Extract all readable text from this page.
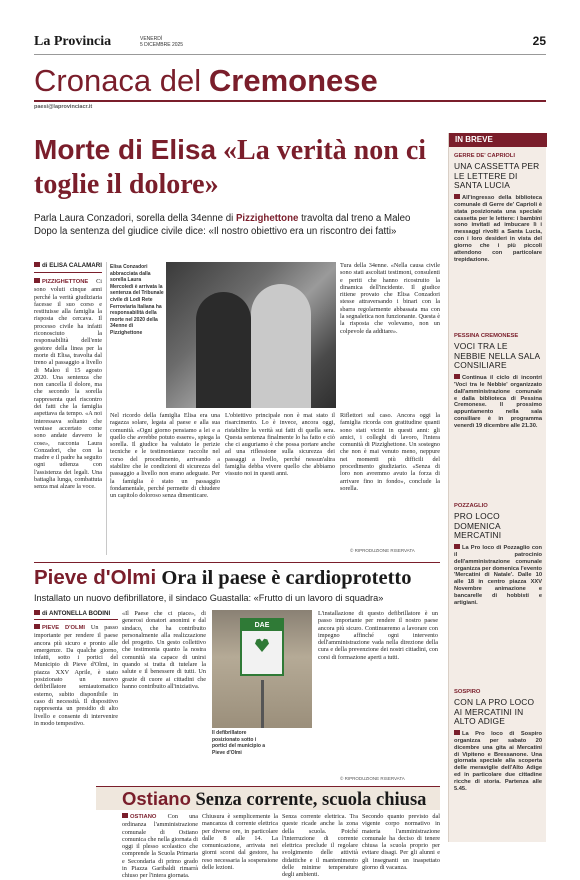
La Provincia	VENERDÌ
5 DICEMBRE 2025	25
Cronaca del Cremonese
paesi@laprovinciacr.it
Morte di Elisa «La verità non ci toglie il dolore»
Parla Laura Conzadori, sorella della 34enne di Pizzighettone travolta dal treno a Maleo
Dopo la sentenza del giudice civile dice: «Il nostro obiettivo era un riscontro dei fatti»
di ELISA CALAMARI
PIZZIGHETTONE Ci sono voluti cinque anni perché la verità giudiziaria facesse il suo corso e restituisse alla famiglia la risposta che cercava. Il processo civile ha infatti riconosciuto la responsabilità dell'ente gestore della linea per la morte di Elisa, travolta dal treno al passaggio a livello di Maleo il 15 agosto 2020. Una sentenza che non cancella il dolore, ma che secondo la sorella rappresenta quel riscontro dei fatti che la famiglia aspettava da tempo. «A noi interessava soltanto che venisse accertato come sono andate davvero le cose», racconta Laura Conzadori, che con la madre e il padre ha seguito ogni udienza con l'assistenza dei legali. Una battaglia lunga, combattuta senza mai alzare la voce.
Elisa Conzadori abbracciata dalla sorella Laura Mercoledì è arrivata la sentenza del Tribunale civile di Lodi Rete Ferroviaria Italiana ha responsabilità della morte nel 2020 della 34enne di Pizzighettone
Nel ricordo della famiglia Elisa era una ragazza solare, legata al paese e alla sua comunità. «Ogni giorno pensiamo a lei e a quello che avrebbe potuto essere», spiega la sorella. Il giudice ha valutato le perizie tecniche e le testimonianze raccolte nel corso del procedimento, arrivando a stabilire che le condizioni di sicurezza del passaggio a livello non erano adeguate. Per la famiglia è stato un passaggio fondamentale, perché permette di chiudere un capitolo doloroso senza dimenticare.
L'obiettivo principale non è mai stato il risarcimento. Lo è invece, ancora oggi, ristabilire la verità sui fatti di quella sera. Questa sentenza finalmente lo ha fatto e ciò che ci auguriamo è che possa portare anche ad una riflessione sulla sicurezza dei passaggi a livello, perché nessun'altra famiglia debba vivere quello che abbiamo vissuto noi in questi anni.
Riflettori sul caso. Ancora oggi la famiglia ricorda con gratitudine quanti sono stati vicini in questi anni: gli amici, i colleghi di lavoro, l'intera comunità di Pizzighettone. Un sostegno che non è mai venuto meno, neppure nei momenti più difficili del procedimento giudiziario. «Senza di loro non avremmo avuto la forza di arrivare fino in fondo», conclude la sorella.
Tura della 34enne. «Nella causa civile sono stati ascoltati testimoni, consulenti e periti che hanno ricostruito la dinamica dell'incidente. Il giudice ritiene provato che Elisa Conzadori stesse attraversando i binari con la sbarra regolarmente abbassata ma con la segnaletica non funzionante. Questa è la risposta che volevamo, non un colpevole da additare».
© RIPRODUZIONE RISERVATA
Pieve d'Olmi Ora il paese è cardioprotetto
Installato un nuovo defibrillatore, il sindaco Guastalla: «Frutto di un lavoro di squadra»
di ANTONELLA BODINI
PIEVE D'OLMI Un passo importante per rendere il paese ancora più sicuro e pronto alle emergenze. Da qualche giorno, infatti, sotto i portici del Municipio di Pieve d'Olmi, in piazza XXV Aprile, è stato posizionato un nuovo defibrillatore semiautomatico esterno, subito disponibile in caso di necessità. Il dispositivo rappresenta un presidio di alto livello e consente di intervenire in modo tempestivo.
«Il Paese che ci piace», di generosi donatori anonimi e dal sindaco, che ha contribuito personalmente alla realizzazione del progetto. Un gesto collettivo che testimonia quanto la nostra comunità sia capace di unirsi quando si tratta di tutelare la salute e il benessere di tutti. Un grazie di cuore ai cittadini che hanno contribuito all'iniziativa.
DAE
Il defibrillatore posizionato sotto i portici del municipio a Pieve d'Olmi
L'installazione di questo defibrillatore è un passo importante per rendere il nostro paese ancora più sicuro. Continueremo a lavorare con impegno affinché ogni intervento dell'amministrazione vada nella direzione della cura e della prevenzione dei nostri cittadini, con corsi di formazione aperti a tutti.
© RIPRODUZIONE RISERVATA
Ostiano Senza corrente, scuola chiusa
OSTIANO Con una ordinanza l'amministrazione comunale di Ostiano comunica che nella giornata di oggi il plesso scolastico che comprende la Scuola Primaria e Secondaria di primo grado in Piazza Garibaldi rimarrà chiuso per l'intera giornata.
Chiusura è semplicemente la mancanza di corrente elettrica per diverse ore, in particolare dalle 8 alle 14. La comunicazione, arrivata nei giorni scorsi dal gestore, ha reso necessaria la sospensione delle lezioni.
Senza corrente elettrica. Tra queste ricade anche la zona della scuola. Poiché l'interruzione di corrente elettrica preclude il regolare svolgimento delle attività didattiche e il mantenimento delle minime temperature degli ambienti.
Secondo quanto previsto dal vigente corpo normativo in materia l'amministrazione comunale ha deciso di tenere chiusa la scuola proprio per evitare disagi. Per gli alunni e gli insegnanti un inaspettato giorno di vacanza.
IN BREVE
GERRE DE' CAPRIOLI
UNA CASSETTA PER LE LETTERE DI SANTA LUCIA
All'ingresso della biblioteca comunale di Gerre de' Caprioli è stata posizionata una speciale cassetta per le lettere: i bambini sono invitati ad imbucare lì i messaggi rivolti a Santa Lucia, con i loro desideri in vista del giorno che i più piccoli attendono con particolare trepidazione.
PESSINA CREMONESE
VOCI TRA LE NEBBIE NELLA SALA CONSILIARE
Continua il ciclo di incontri 'Voci tra le Nebbie' organizzato dall'amministrazione comunale e dalla biblioteca di Pessina Cremonese. Il prossimo appuntamento nella sala consiliare è in programma venerdì 19 dicembre alle 21.30.
POZZAGLIO
PRO LOCO DOMENICA MERCATINI
La Pro loco di Pozzaglio con il patrocinio dell'amministrazione comunale organizza per domenica l'evento 'Mercatini di Natale'. Dalle 10 alle 18 in centro piazza XXV Novembre animazione e bancarelle di hobbisti e artigiani.
SOSPIRO
CON LA PRO LOCO AI MERCATINI IN ALTO ADIGE
La Pro loco di Sospiro organizza per sabato 20 dicembre una gita ai Mercatini di Vipiteno e Bressanone. Una giornata speciale alla scoperta delle meraviglie dell'Alto Adige ed in particolare due cittadine ricche di storia. Partenza alle 5.45.
